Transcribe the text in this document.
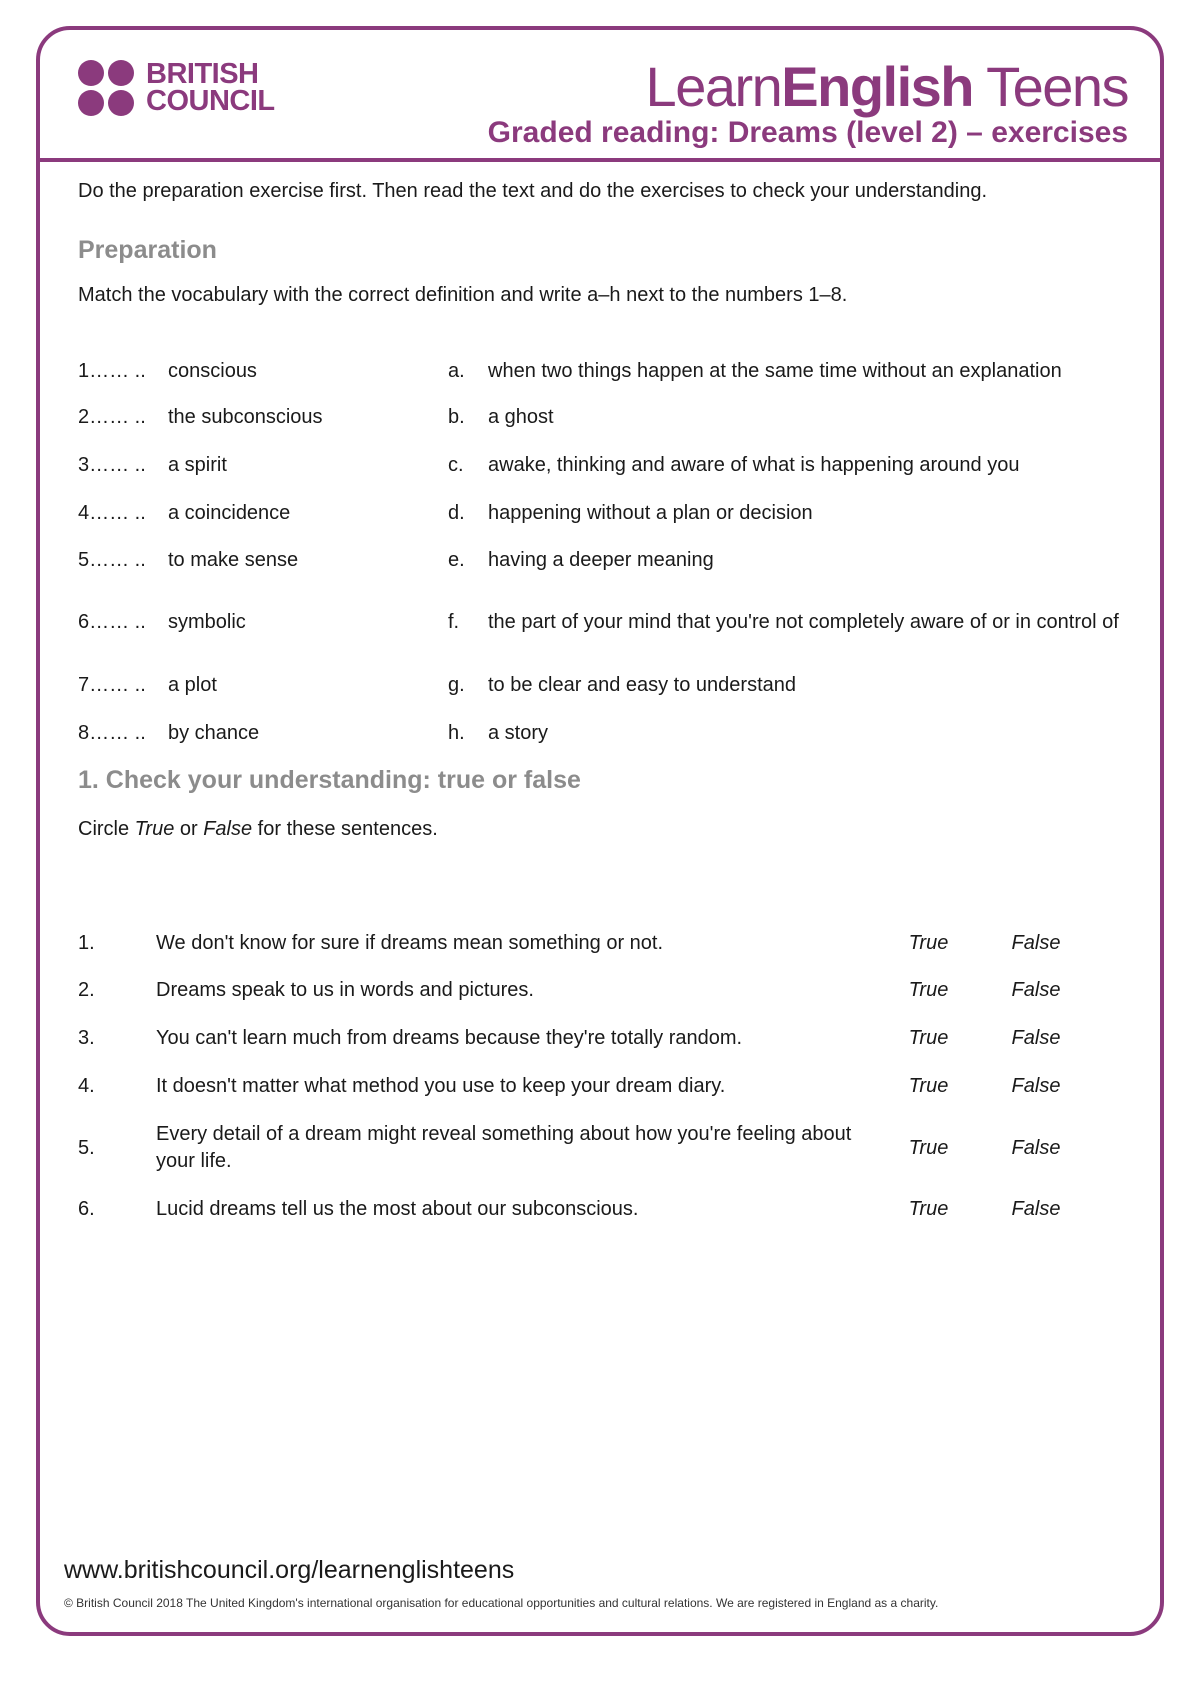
BRITISH
COUNCIL	LearnEnglish Teens
Graded reading: Dreams (level 2) – exercises
Do the preparation exercise first. Then read the text and do the exercises to check your understanding.
Preparation
Match the vocabulary with the correct definition and write a–h next to the numbers 1–8.
1…… ..	conscious	a.	when two things happen at the same time without an explanation
2…… ..	the subconscious	b.	a ghost
3…… ..	a spirit	c.	awake, thinking and aware of what is happening around you
4…… ..	a coincidence	d.	happening without a plan or decision
5…… ..	to make sense	e.	having a deeper meaning
6…… ..	symbolic	f.	the part of your mind that you're not completely aware of or in control of
7…… ..	a plot	g.	to be clear and easy to understand
8…… ..	by chance	h.	a story
1. Check your understanding: true or false
Circle True or False for these sentences.
1.	We don't know for sure if dreams mean something or not.	True	False
2.	Dreams speak to us in words and pictures.	True	False
3.	You can't learn much from dreams because they're totally random.	True	False
4.	It doesn't matter what method you use to keep your dream diary.	True	False
5.
Every detail of a dream might reveal something about how you're feeling about your life.
True	False
6.	Lucid dreams tell us the most about our subconscious.	True	False
www.britishcouncil.org/learnenglishteens
© British Council 2018 The United Kingdom's international organisation for educational opportunities and cultural relations. We are registered in England as a charity.
